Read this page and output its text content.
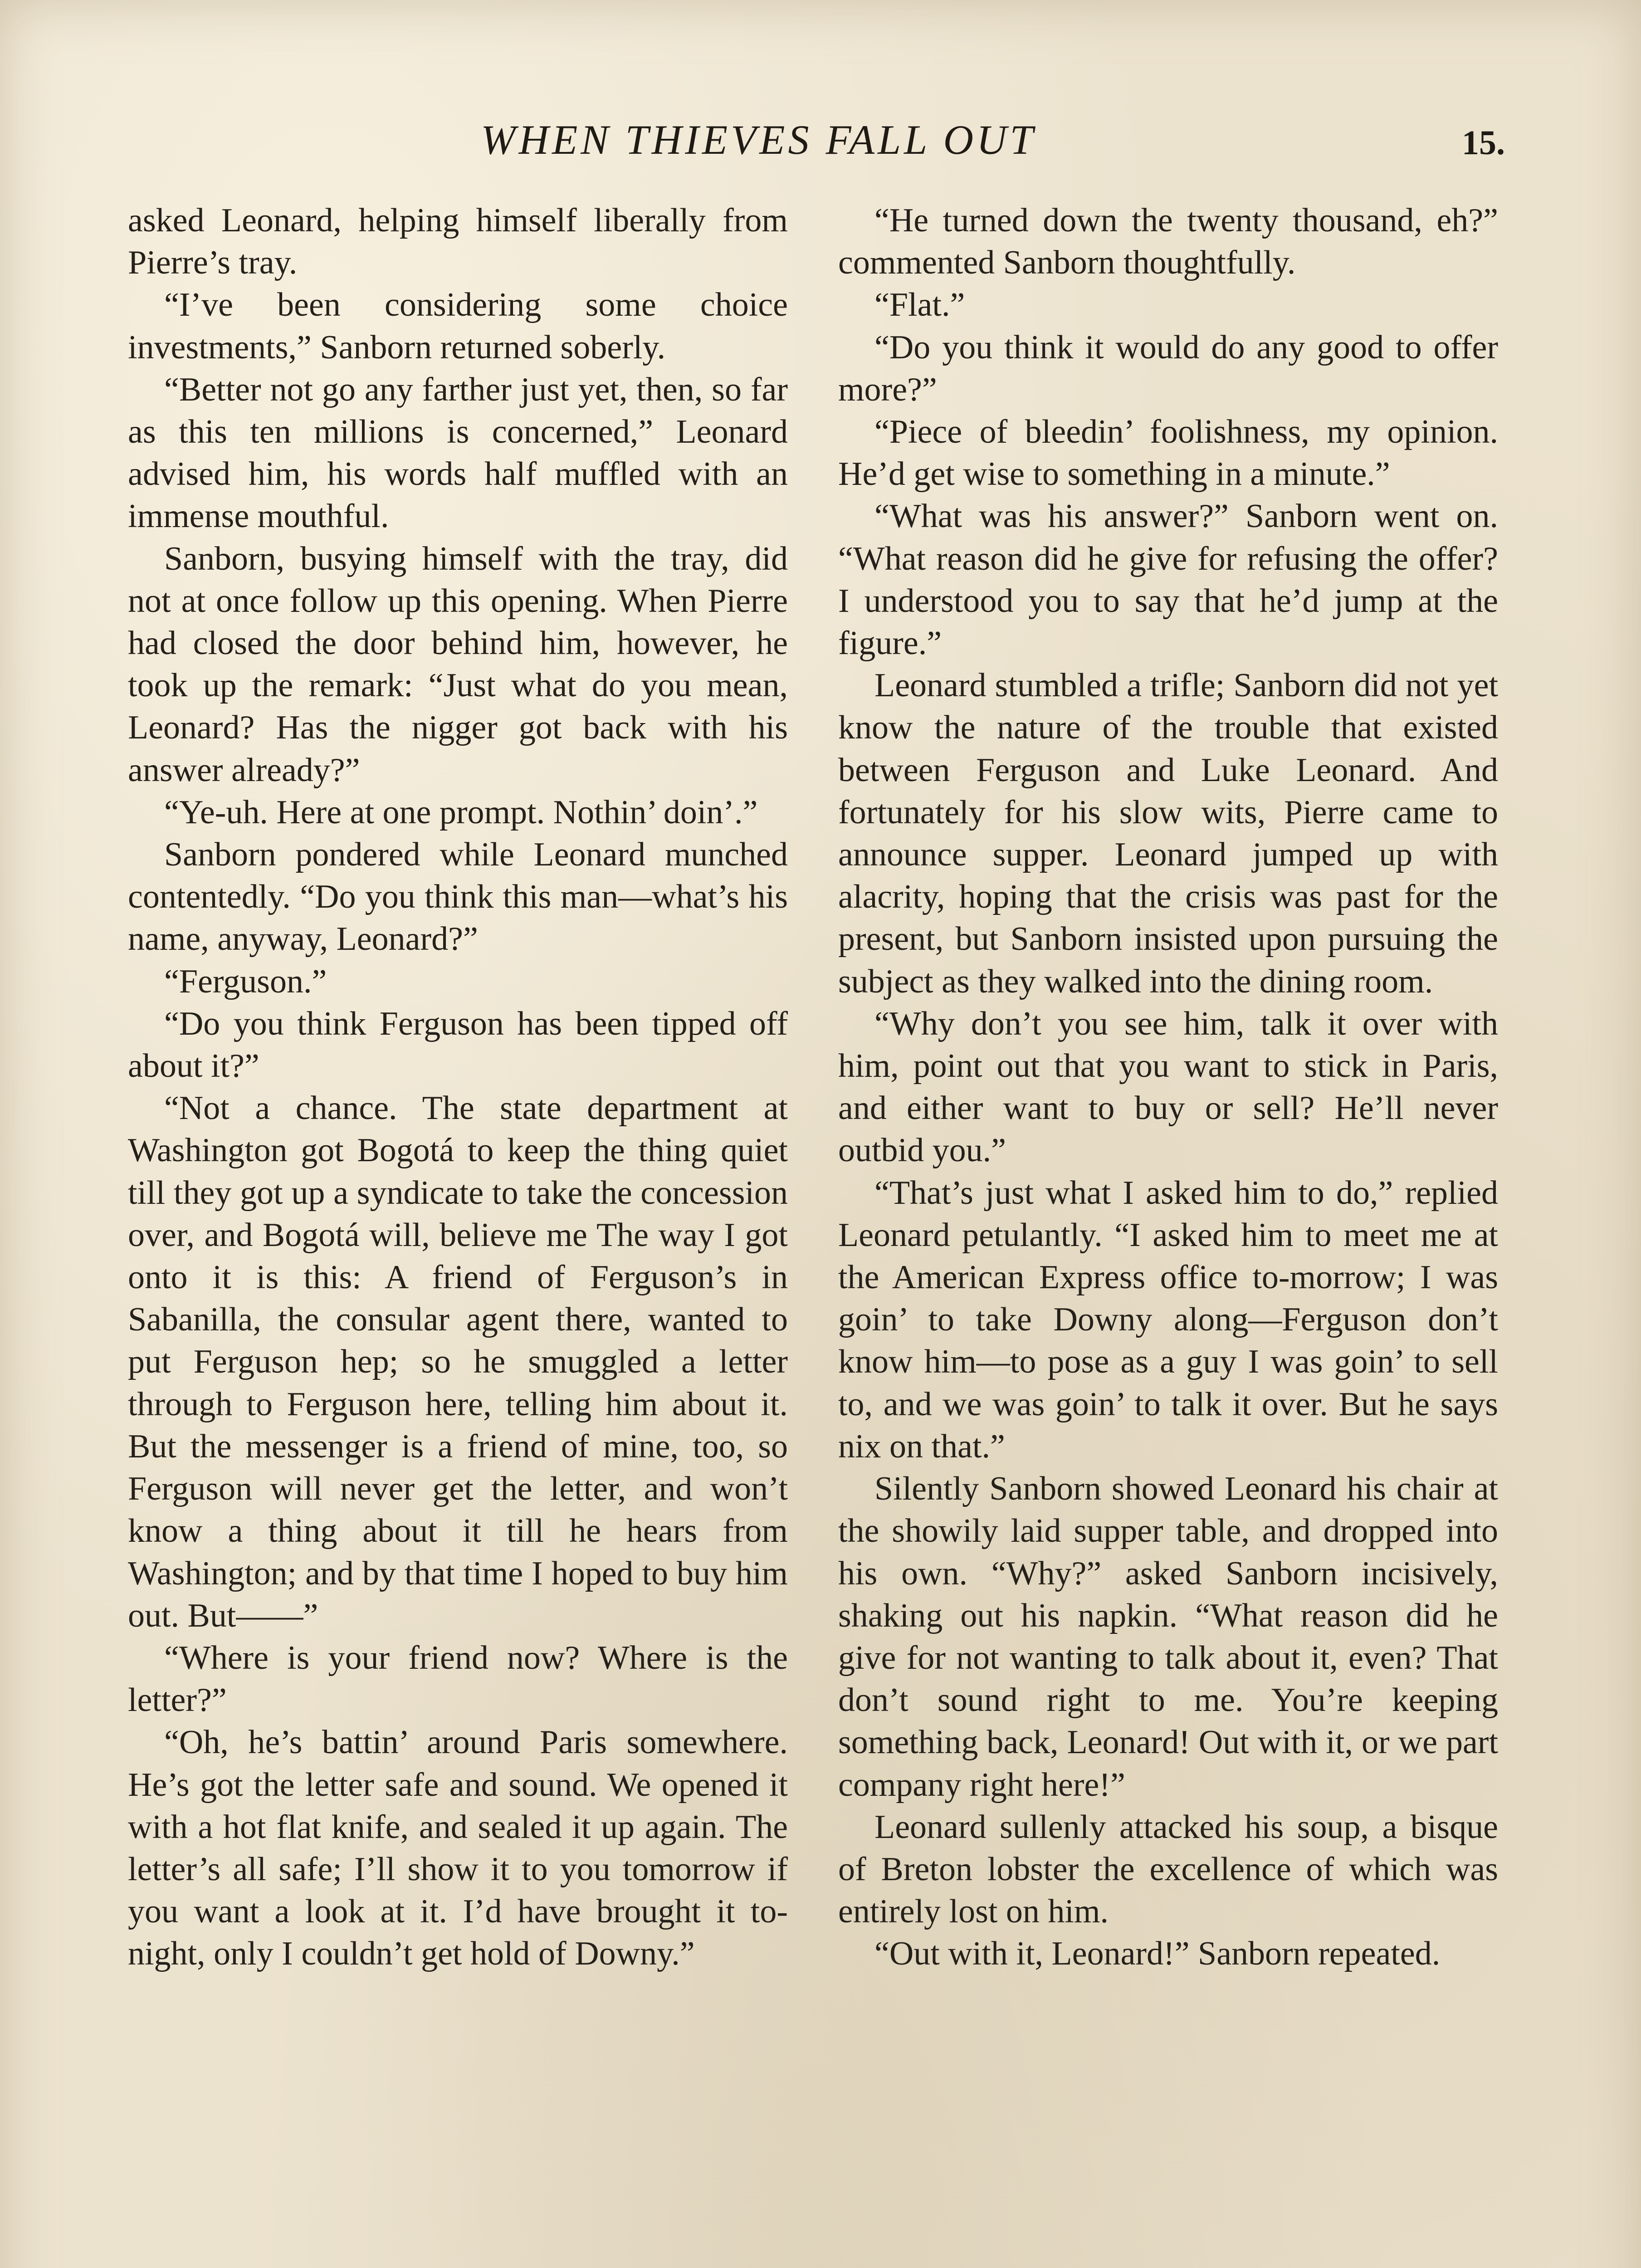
WHEN THIEVES FALL OUT	15.

asked Leonard, helping himself liberally from Pierre’s tray.

“I’ve been considering some choice investments,” Sanborn returned soberly.

“Better not go any farther just yet, then, so far as this ten millions is concerned,” Leonard advised him, his words half muffled with an immense mouthful.

Sanborn, busying himself with the tray, did not at once follow up this opening. When Pierre had closed the door behind him, however, he took up the remark: “Just what do you mean, Leonard? Has the nigger got back with his answer already?”

“Ye-uh. Here at one prompt. Nothin’ doin’.”

Sanborn pondered while Leonard munched contentedly. “Do you think this man—what’s his name, anyway, Leonard?”

“Ferguson.”

“Do you think Ferguson has been tipped off about it?”

“Not a chance. The state department at Washington got Bogotá to keep the thing quiet till they got up a syndicate to take the concession over, and Bogotá will, believe me The way I got onto it is this: A friend of Ferguson’s in Sabanilla, the consular agent there, wanted to put Ferguson hep; so he smuggled a letter through to Ferguson here, telling him about it. But the messenger is a friend of mine, too, so Ferguson will never get the letter, and won’t know a thing about it till he hears from Washington; and by that time I hoped to buy him out. But——”

“Where is your friend now? Where is the letter?”

“Oh, he’s battin’ around Paris somewhere. He’s got the letter safe and sound. We opened it with a hot flat knife, and sealed it up again. The letter’s all safe; I’ll show it to you tomorrow if you want a look at it. I’d have brought it to-night, only I couldn’t get hold of Downy.”

“He turned down the twenty thousand, eh?” commented Sanborn thoughtfully.

“Flat.”

“Do you think it would do any good to offer more?”

“Piece of bleedin’ foolishness, my opinion. He’d get wise to something in a minute.”

“What was his answer?” Sanborn went on. “What reason did he give for refusing the offer? I understood you to say that he’d jump at the figure.”

Leonard stumbled a trifle; Sanborn did not yet know the nature of the trouble that existed between Ferguson and Luke Leonard. And fortunately for his slow wits, Pierre came to announce supper. Leonard jumped up with alacrity, hoping that the crisis was past for the present, but Sanborn insisted upon pursuing the subject as they walked into the dining room.

“Why don’t you see him, talk it over with him, point out that you want to stick in Paris, and either want to buy or sell? He’ll never outbid you.”

“That’s just what I asked him to do,” replied Leonard petulantly. “I asked him to meet me at the American Express office to-morrow; I was goin’ to take Downy along—Ferguson don’t know him—to pose as a guy I was goin’ to sell to, and we was goin’ to talk it over. But he says nix on that.”

Silently Sanborn showed Leonard his chair at the showily laid supper table, and dropped into his own. “Why?” asked Sanborn incisively, shaking out his napkin. “What reason did he give for not wanting to talk about it, even? That don’t sound right to me. You’re keeping something back, Leonard! Out with it, or we part company right here!”

Leonard sullenly attacked his soup, a bisque of Breton lobster the excellence of which was entirely lost on him.

“Out with it, Leonard!” Sanborn repeated.
